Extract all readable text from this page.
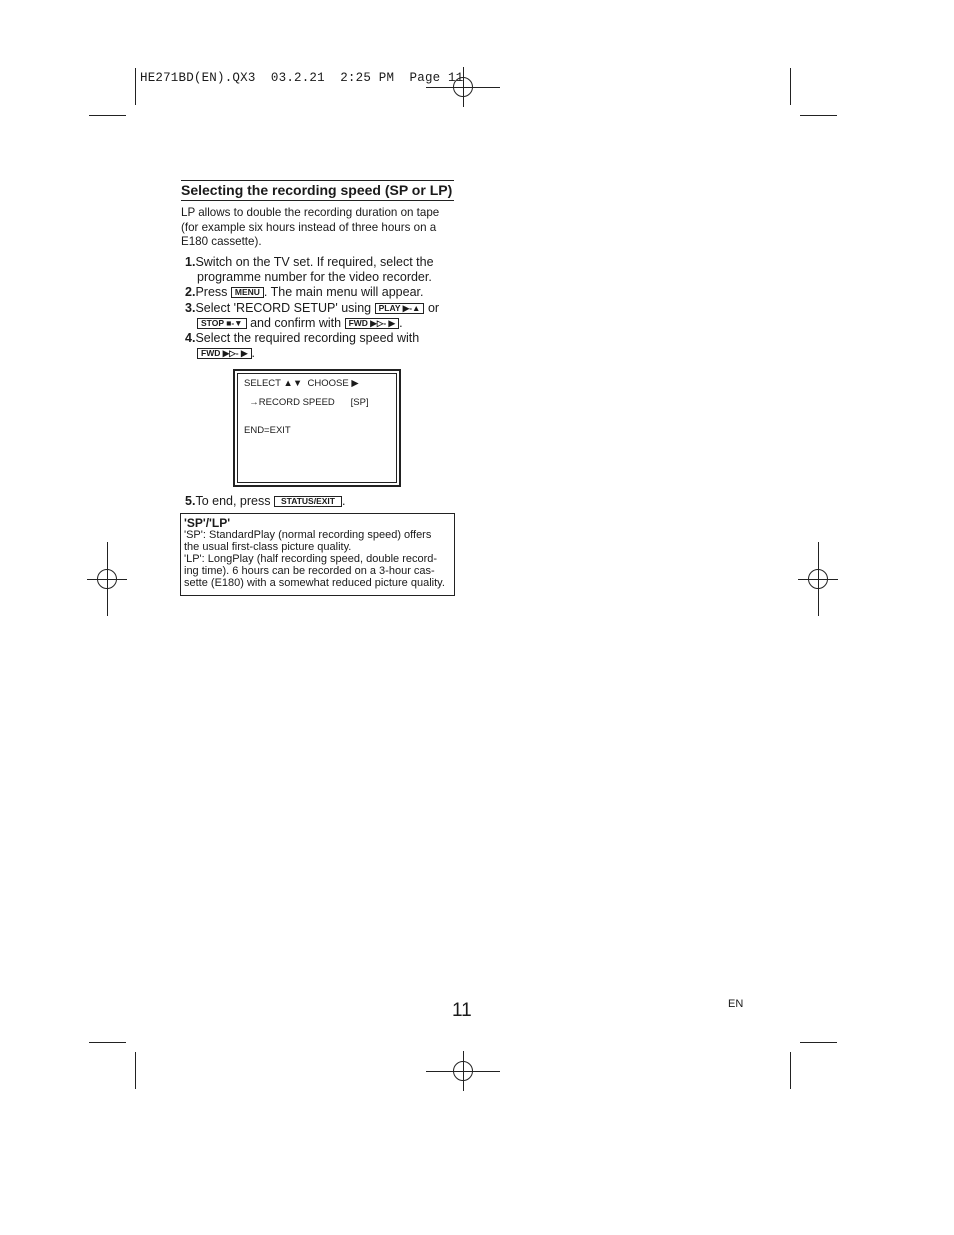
HE271BD(EN).QX3  03.2.21  2:25 PM  Page 11
Selecting the recording speed (SP or LP)
LP allows to double the recording duration on tape (for example six hours instead of three hours on a E180 cassette).
1.Switch on the TV set. If required, select the
programme number for the video recorder.
2.Press MENU . The main menu will appear.
3.Select 'RECORD SETUP' using PLAY ▶-▲ or
STOP ■-▼ and confirm with FWD ▶▷- ▶ .
4.Select the required recording speed with
FWD ▶▷- ▶ .
SELECT ▲▼  CHOOSE ▶
→RECORD SPEED      [SP]
END=EXIT
5.To end, press STATUS/EXIT .
'SP'/'LP'
'SP': StandardPlay (normal recording speed) offers
the usual first-class picture quality.
'LP': LongPlay (half recording speed, double record-
ing time). 6 hours can be recorded on a 3-hour cas-
sette (E180) with a somewhat reduced picture quality.
11	EN
